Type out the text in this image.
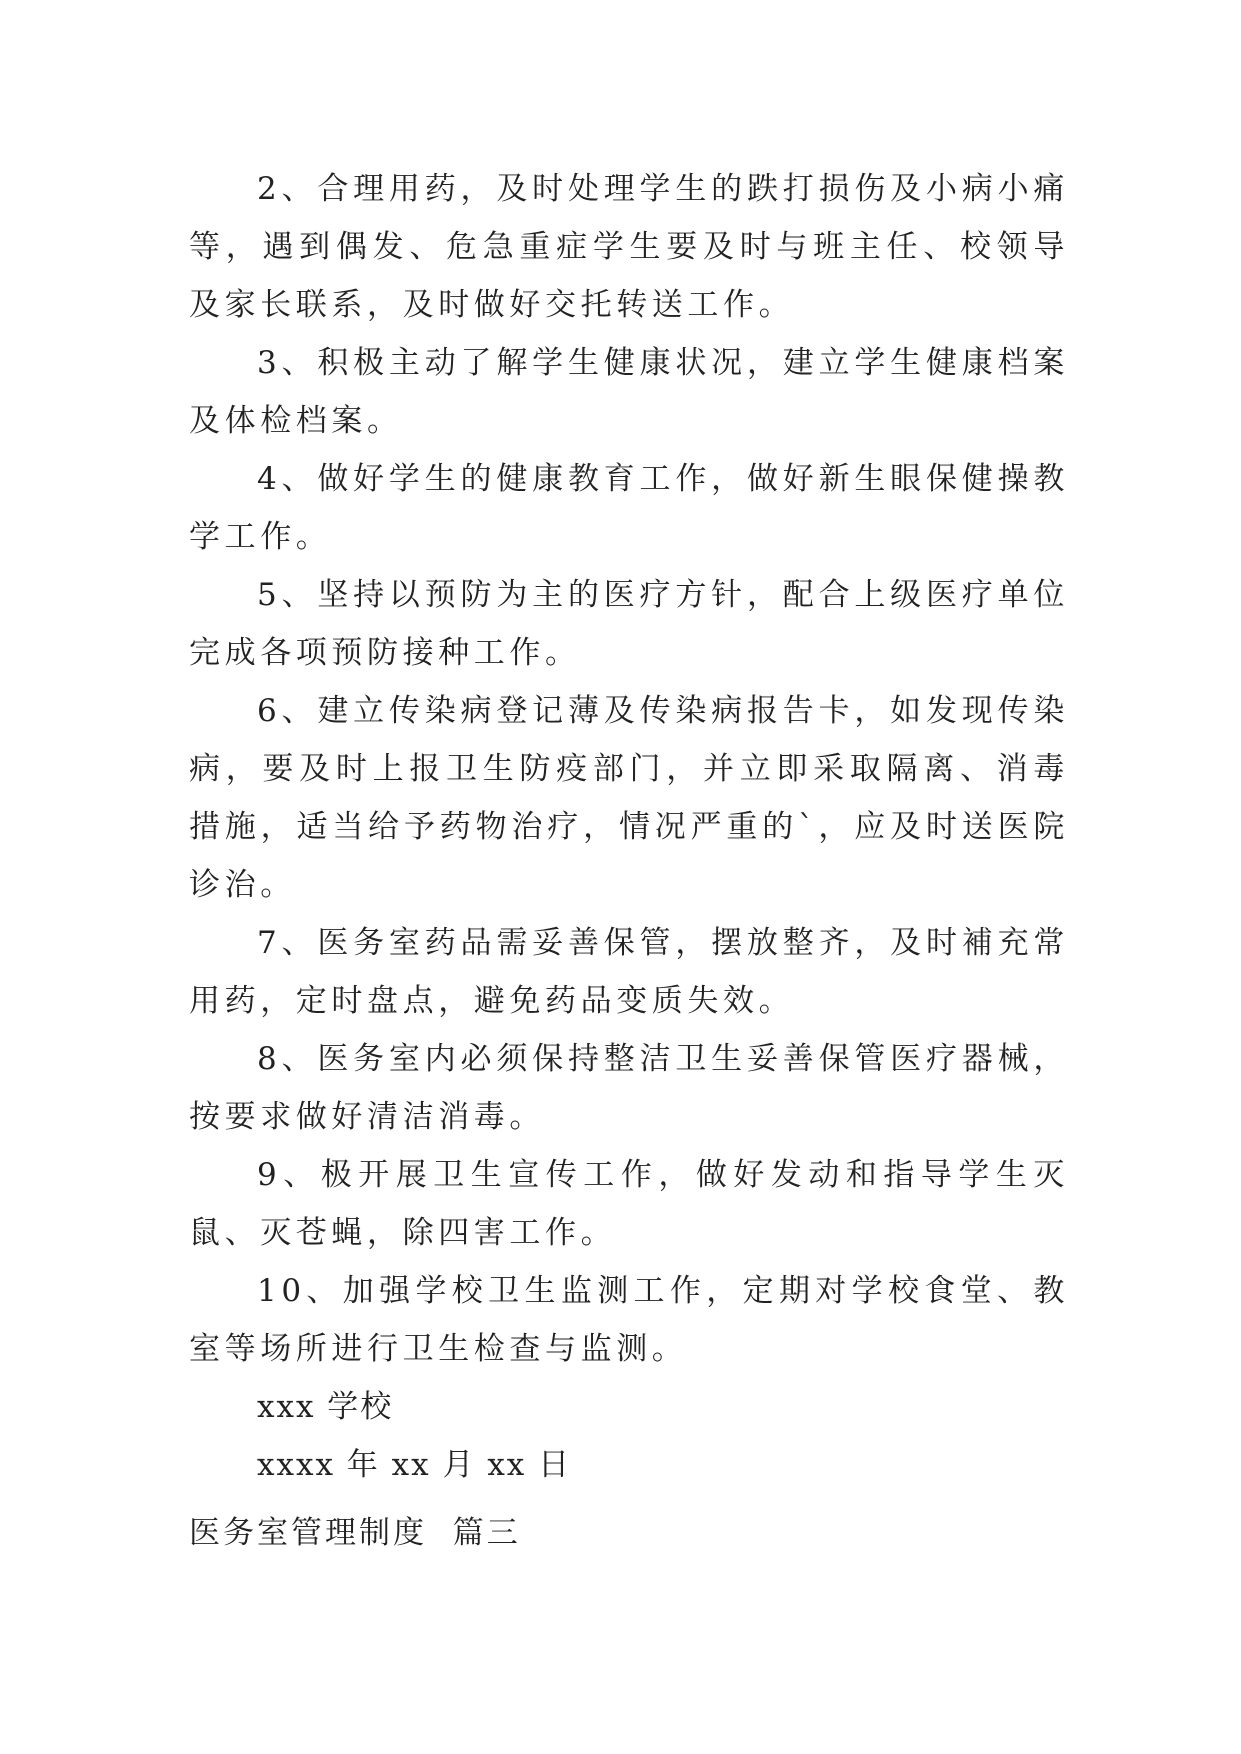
2、合理用药，及时处理学生的跌打损伤及小病小痛等，遇到偶发、危急重症学生要及时与班主任、校领导及家长联系，及时做好交托转送工作。

3、积极主动了解学生健康状况，建立学生健康档案及体检档案。

4、做好学生的健康教育工作，做好新生眼保健操教学工作。

5、坚持以预防为主的医疗方针，配合上级医疗单位完成各项预防接种工作。

6、建立传染病登记薄及传染病报告卡，如发现传染病，要及时上报卫生防疫部门，并立即采取隔离、消毒措施，适当给予药物治疗，情况严重的`，应及时送医院诊治。

7、医务室药品需妥善保管，摆放整齐，及时補充常用药，定时盘点，避免药品变质失效。

8、医务室内必须保持整洁卫生妥善保管医疗器械，按要求做好清洁消毒。

9、极开展卫生宣传工作，做好发动和指导学生灭鼠、灭苍蝇，除四害工作。

10、加强学校卫生监测工作，定期对学校食堂、教室等场所进行卫生检查与监测。

xxx 学校

xxxx 年 xx 月 xx 日

医务室管理制度  篇三
